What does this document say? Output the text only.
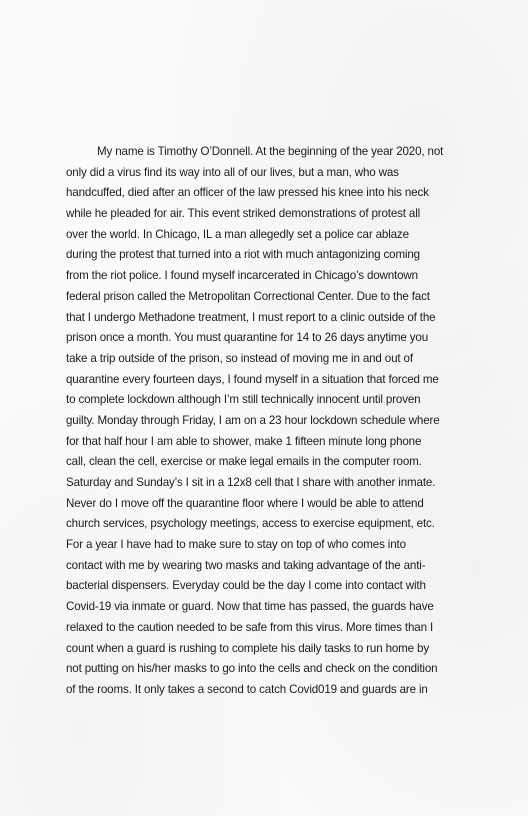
My name is Timothy O’Donnell. At the beginning of the year 2020, not
only did a virus find its way into all of our lives, but a man, who was
handcuffed, died after an officer of the law pressed his knee into his neck
while he pleaded for air. This event striked demonstrations of protest all
over the world. In Chicago, IL a man allegedly set a police car ablaze
during the protest that turned into a riot with much antagonizing coming
from the riot police. I found myself incarcerated in Chicago’s downtown
federal prison called the Metropolitan Correctional Center. Due to the fact
that I undergo Methadone treatment, I must report to a clinic outside of the
prison once a month. You must quarantine for 14 to 26 days anytime you
take a trip outside of the prison, so instead of moving me in and out of
quarantine every fourteen days, I found myself in a situation that forced me
to complete lockdown although I’m still technically innocent until proven
guilty. Monday through Friday, I am on a 23 hour lockdown schedule where
for that half hour I am able to shower, make 1 fifteen minute long phone
call, clean the cell, exercise or make legal emails in the computer room.
Saturday and Sunday’s I sit in a 12x8 cell that I share with another inmate.
Never do I move off the quarantine floor where I would be able to attend
church services, psychology meetings, access to exercise equipment, etc.
For a year I have had to make sure to stay on top of who comes into
contact with me by wearing two masks and taking advantage of the anti-
bacterial dispensers. Everyday could be the day I come into contact with
Covid-19 via inmate or guard. Now that time has passed, the guards have
relaxed to the caution needed to be safe from this virus. More times than I
count when a guard is rushing to complete his daily tasks to run home by
not putting on his/her masks to go into the cells and check on the condition
of the rooms. It only takes a second to catch Covid019 and guards are in
